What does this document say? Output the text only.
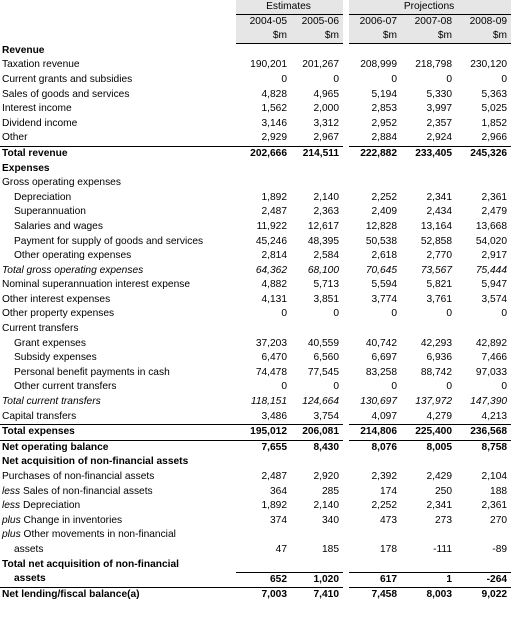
	Estimates		Projections		
	2004-05	2005-06	2006-07	2007-08	2008-09
	$m	$m	$m	$m	$m
Revenue					
Taxation revenue	190,201	201,267	208,999	218,798	230,120
Current grants and subsidies	0	0	0	0	0
Sales of goods and services	4,828	4,965	5,194	5,330	5,363
Interest income	1,562	2,000	2,853	3,997	5,025
Dividend income	3,146	3,312	2,952	2,357	1,852
Other	2,929	2,967	2,884	2,924	2,966
Total revenue	202,666	214,511	222,882	233,405	245,326
Expenses					
Gross operating expenses					
Depreciation	1,892	2,140	2,252	2,341	2,361
Superannuation	2,487	2,363	2,409	2,434	2,479
Salaries and wages	11,922	12,617	12,828	13,164	13,668
Payment for supply of goods and services	45,246	48,395	50,538	52,858	54,020
Other operating expenses	2,814	2,584	2,618	2,770	2,917
Total gross operating expenses	64,362	68,100	70,645	73,567	75,444
Nominal superannuation interest expense	4,882	5,713	5,594	5,821	5,947
Other interest expenses	4,131	3,851	3,774	3,761	3,574
Other property expenses	0	0	0	0	0
Current transfers					
Grant expenses	37,203	40,559	40,742	42,293	42,892
Subsidy expenses	6,470	6,560	6,697	6,936	7,466
Personal benefit payments in cash	74,478	77,545	83,258	88,742	97,033
Other current transfers	0	0	0	0	0
Total current transfers	118,151	124,664	130,697	137,972	147,390
Capital transfers	3,486	3,754	4,097	4,279	4,213
Total expenses	195,012	206,081	214,806	225,400	236,568
Net operating balance	7,655	8,430	8,076	8,005	8,758
Net acquisition of non-financial assets					
Purchases of non-financial assets	2,487	2,920	2,392	2,429	2,104
less Sales of non-financial assets	364	285	174	250	188
less Depreciation	1,892	2,140	2,252	2,341	2,361
plus Change in inventories	374	340	473	273	270
plus Other movements in non-financial					
assets	47	185	178	-111	-89
Total net acquisition of non-financial					
assets	652	1,020	617	1	-264
Net lending/fiscal balance(a)	7,003	7,410	7,458	8,003	9,022
